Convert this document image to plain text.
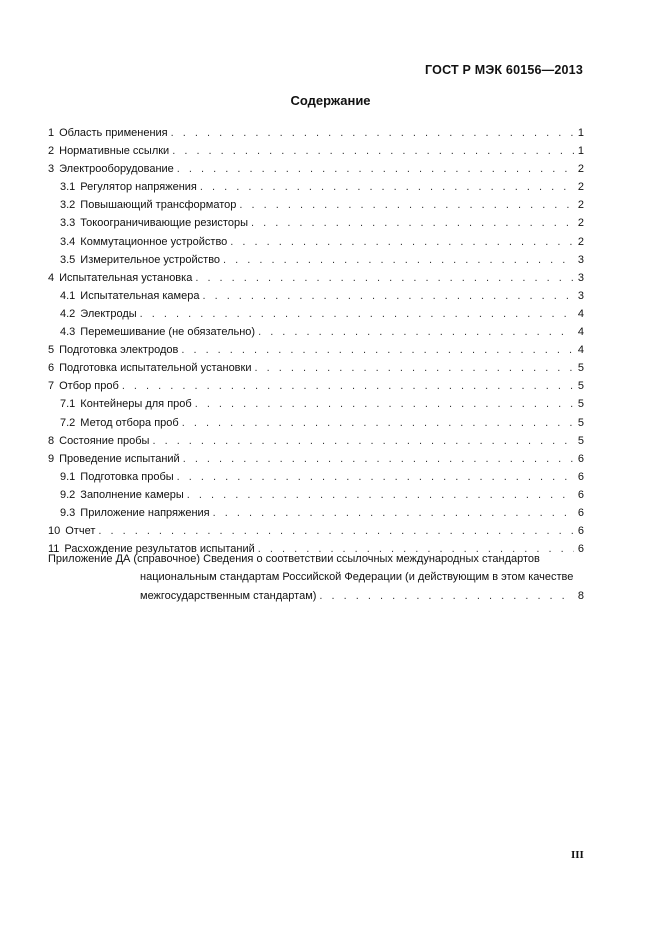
ГОСТ Р МЭК 60156—2013
Содержание
1 Область применения . . .	1
2 Нормативные ссылки . . .	1
3 Электрооборудование . . .	2
3.1 Регулятор напряжения . . .	2
3.2 Повышающий трансформатор . . .	2
3.3 Токоограничивающие резисторы . . .	2
3.4 Коммутационное устройство . . .	2
3.5 Измерительное устройство . . .	3
4 Испытательная установка . . .	3
4.1 Испытательная камера . . .	3
4.2 Электроды . . .	4
4.3 Перемешивание (не обязательно) . . .	4
5 Подготовка электродов . . .	4
6 Подготовка испытательной установки . . .	5
7 Отбор проб . . .	5
7.1 Контейнеры для проб . . .	5
7.2 Метод отбора проб . . .	5
8 Состояние пробы . . .	5
9 Проведение испытаний . . .	6
9.1 Подготовка пробы . . .	6
9.2 Заполнение камеры . . .	6
9.3 Приложение напряжения . . .	6
10 Отчет . . .	6
11 Расхождение результатов испытаний . . .	6
Приложение ДА (справочное) Сведения о соответствии ссылочных международных стандартов
национальным стандартам Российской Федерации (и действующим в этом качестве
межгосударственным стандартам) . . .	8
III
